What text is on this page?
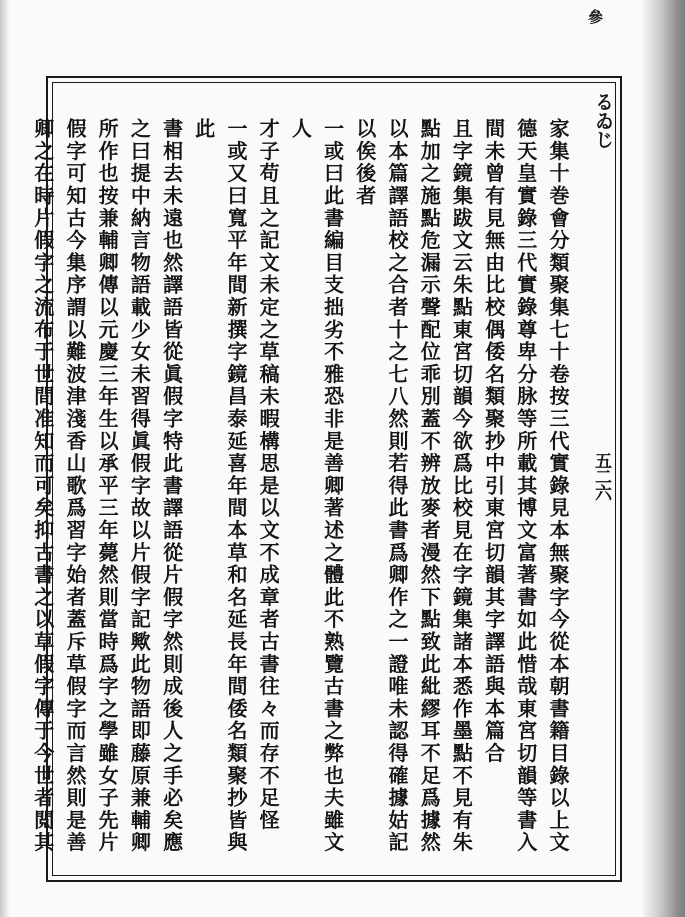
參
るゐじ
五二六

家集十巻會分類聚集七十卷按三代實錄見本無聚字今從本朝書籍目錄以上文

德天皇實錄三代實錄尊卑分脉等所載其博文富著書如此惜哉東宮切韻等書入

間未曾有見無由比校偶倭名類聚抄中引東宮切韻其字譯語與本篇合

且字鏡集跋文云朱點東宮切韻今欲爲比校見在字鏡集諸本悉作墨點不見有朱

點加之施點危漏示聲配位乖別蓋不辨放麥者漫然下點致此紕繆耳不足爲據然

以本篇譯語校之合者十之七八然則若得此書爲卿作之一證唯未認得確據姑記

以俟後者

一或曰此書編目支拙劣不雅恐非是善卿著述之體此不熟覽古書之弊也夫雖文人

才子苟且之記文未定之草稿未暇構思是以文不成章者古書往々而存不足怪

一或又曰寬平年間新撰字鏡昌泰延喜年間本草和名延長年間倭名類聚抄皆與此

書相去未遠也然譯語皆從眞假字特此書譯語從片假字然則成後人之手必矣應

之曰提中納言物語載少女未習得眞假字故以片假字記歟此物語即藤原兼輔卿

所作也按兼輔卿傳以元慶三年生以承平三年薨然則當時爲字之學雖女子先片

假字可知古今集序謂以難波津淺香山歌爲習字始者蓋斥草假字而言然則是善

卿之在時片假字之流布于世間准知而可矣抑古書之以草假字傳于今世者閲其
